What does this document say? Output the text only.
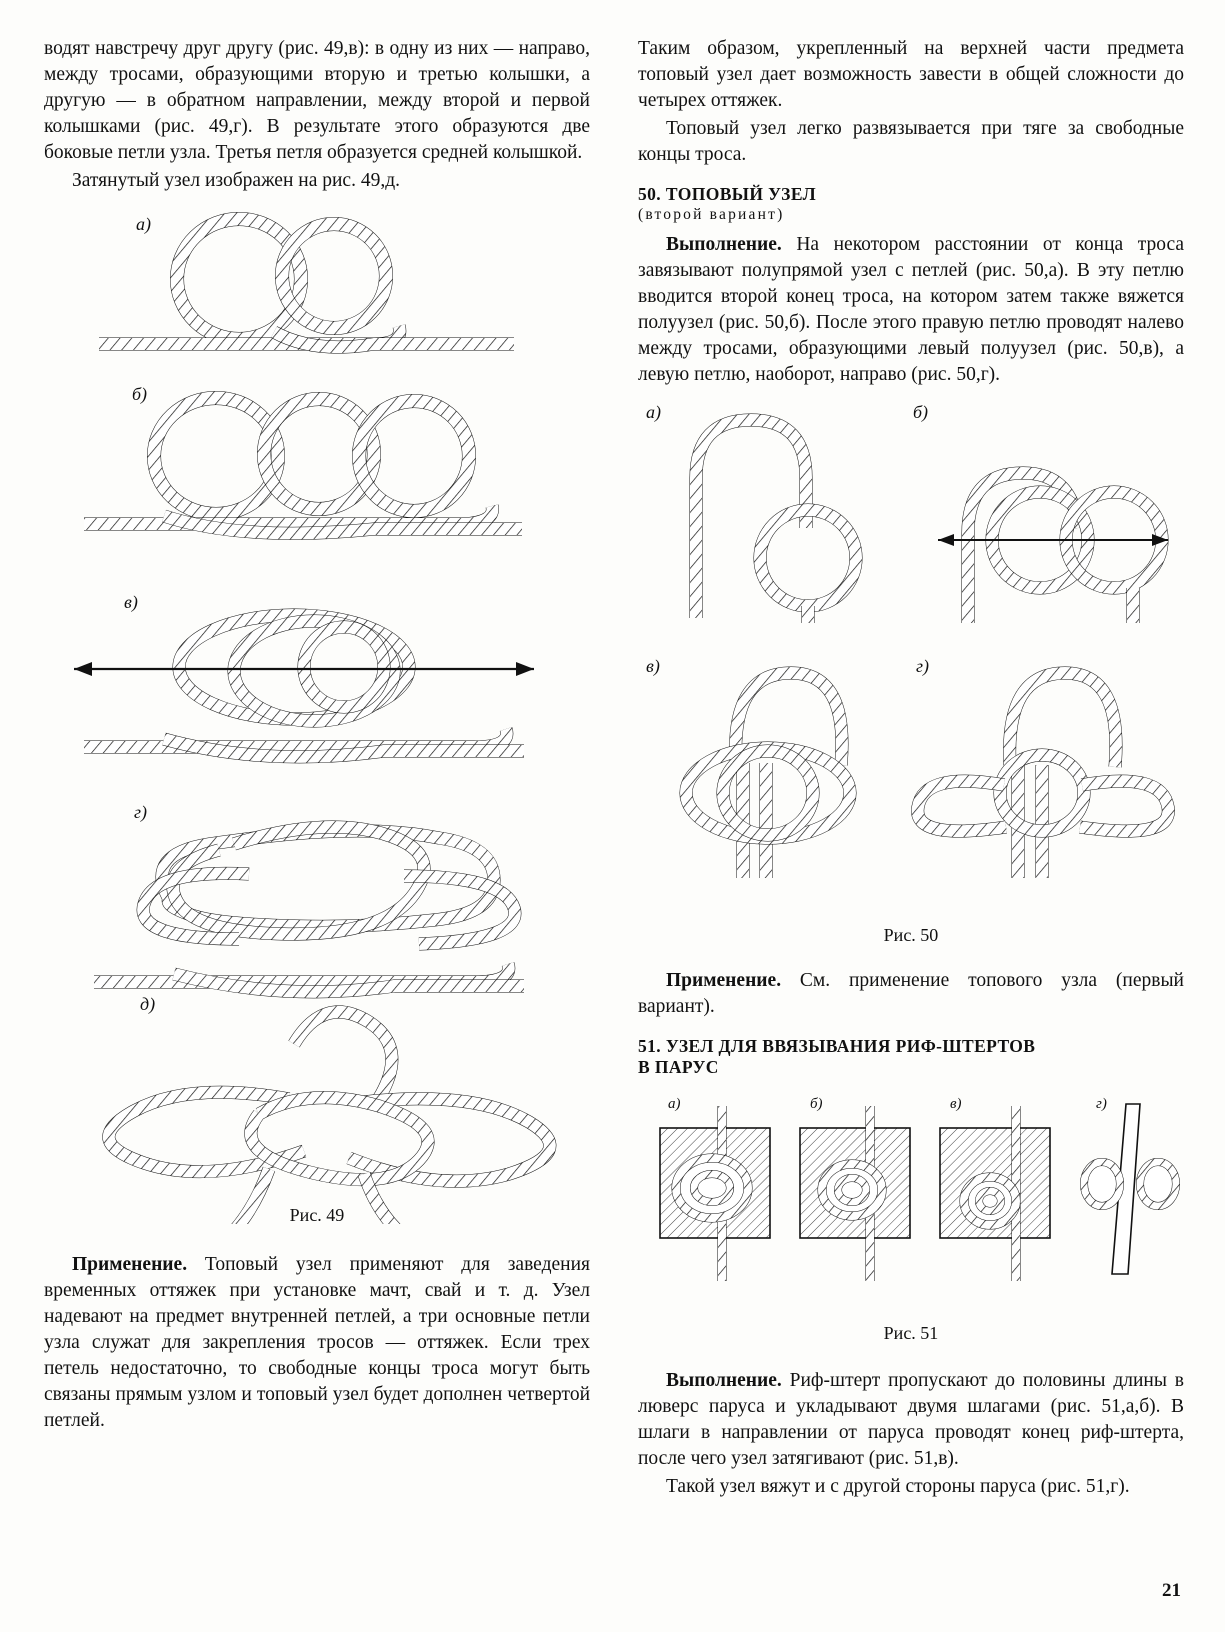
водят навстречу друг другу (рис. 49,в): в одну из них — направо, между тросами, образующими вторую и третью колышки, а другую — в обратном направлении, между второй и первой колышками (рис. 49,г). В результате этого образуются две боковые петли узла. Третья петля образуется средней колышкой.

Затянутый узел изображен на рис. 49,д.

а)
б)
в)
г)
д)
Рис. 49

Применение. Топовый узел применяют для заведения временных оттяжек при установке мачт, свай и т. д. Узел надевают на предмет внутренней петлей, а три основные петли узла служат для закрепления тросов — оттяжек. Если трех петель недостаточно, то свободные концы троса могут быть связаны прямым узлом и топовый узел будет дополнен четвертой петлей.

Таким образом, укрепленный на верхней части предмета топовый узел дает возможность завести в общей сложности до четырех оттяжек.

Топовый узел легко развязывается при тяге за свободные концы троса.

50. ТОПОВЫЙ УЗЕЛ
(второй вариант)

Выполнение. На некотором расстоянии от конца троса завязывают полупрямой узел с петлей (рис. 50,а). В эту петлю вводится второй конец троса, на котором затем также вяжется полуузел (рис. 50,б). После этого правую петлю проводят налево между тросами, образующими левый полуузел (рис. 50,в), а левую петлю, наоборот, направо (рис. 50,г).

а)	б)
в)	г)
Рис. 50

Применение. См. применение топового узла (первый вариант).

51. УЗЕЛ ДЛЯ ВВЯЗЫВАНИЯ РИФ-ШТЕРТОВ
В ПАРУС
а)	б)	в)	г)
Рис. 51

Выполнение. Риф-штерт пропускают до половины длины в люверс паруса и укладывают двумя шлагами (рис. 51,а,б). В шлаги в направлении от паруса проводят конец риф-штерта, после чего узел затягивают (рис. 51,в).

Такой узел вяжут и с другой стороны паруса (рис. 51,г).

21
